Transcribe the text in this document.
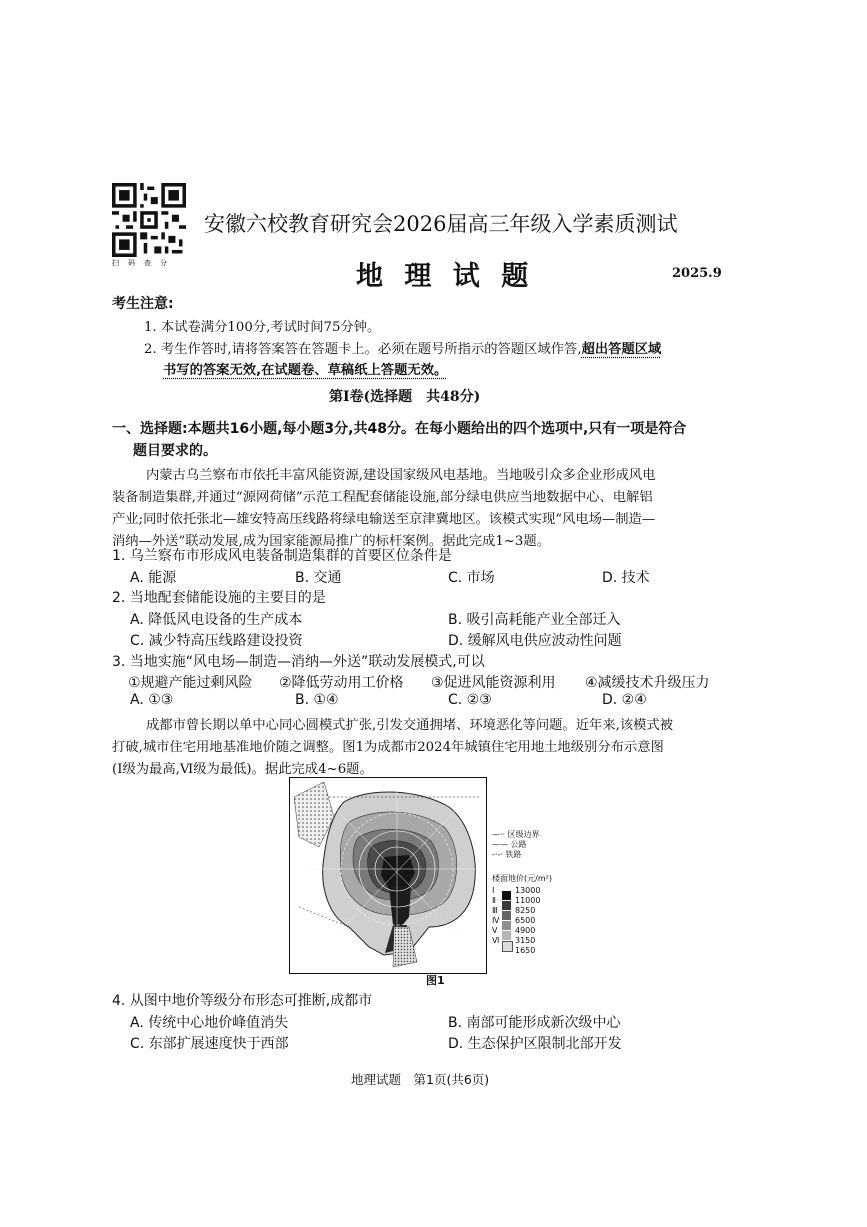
扫码查分
安徽六校教育研究会2026届高三年级入学素质测试
地 理 试 题	2025.9
考生注意:
1. 本试卷满分100分,考试时间75分钟。
2. 考生作答时,请将答案答在答题卡上。必须在题号所指示的答题区域作答,超出答题区域
书写的答案无效,在试题卷、草稿纸上答题无效。
第Ⅰ卷(选择题　共48分)
一、选择题:本题共16小题,每小题3分,共48分。在每小题给出的四个选项中,只有一项是符合
题目要求的。
内蒙古乌兰察布市依托丰富风能资源,建设国家级风电基地。当地吸引众多企业形成风电
装备制造集群,并通过“源网荷储”示范工程配套储能设施,部分绿电供应当地数据中心、电解铝
产业;同时依托张北—雄安特高压线路将绿电输送至京津冀地区。该模式实现“风电场—制造—
消纳—外送”联动发展,成为国家能源局推广的标杆案例。据此完成1~3题。
1. 乌兰察布市形成风电装备制造集群的首要区位条件是
A. 能源	B. 交通	C. 市场	D. 技术
2. 当地配套储能设施的主要目的是
A. 降低风电设备的生产成本	B. 吸引高耗能产业全部迁入
C. 减少特高压线路建设投资	D. 缓解风电供应波动性问题
3. 当地实施“风电场—制造—消纳—外送”联动发展模式,可以
①规避产能过剩风险 ②降低劳动用工价格 ③促进风能资源利用 ④减缓技术升级压力
A. ①③	B. ①④	C. ②③	D. ②④
成都市曾长期以单中心同心圆模式扩张,引发交通拥堵、环境恶化等问题。近年来,该模式被
打破,城市住宅用地基准地价随之调整。图1为成都市2024年城镇住宅用地土地级别分布示意图
(Ⅰ级为最高,Ⅵ级为最低)。据此完成4~6题。
—·· 区级边界
—— 公路
-·-· 铁路
楼面地价(元/m²)
Ⅰ
Ⅱ
Ⅲ
Ⅳ
Ⅴ
Ⅵ
13000
11000
8250
6500
4900
3150
1650
图1
4. 从图中地价等级分布形态可推断,成都市
A. 传统中心地价峰值消失	B. 南部可能形成新次级中心
C. 东部扩展速度快于西部	D. 生态保护区限制北部开发
地理试题　第1页(共6页)
